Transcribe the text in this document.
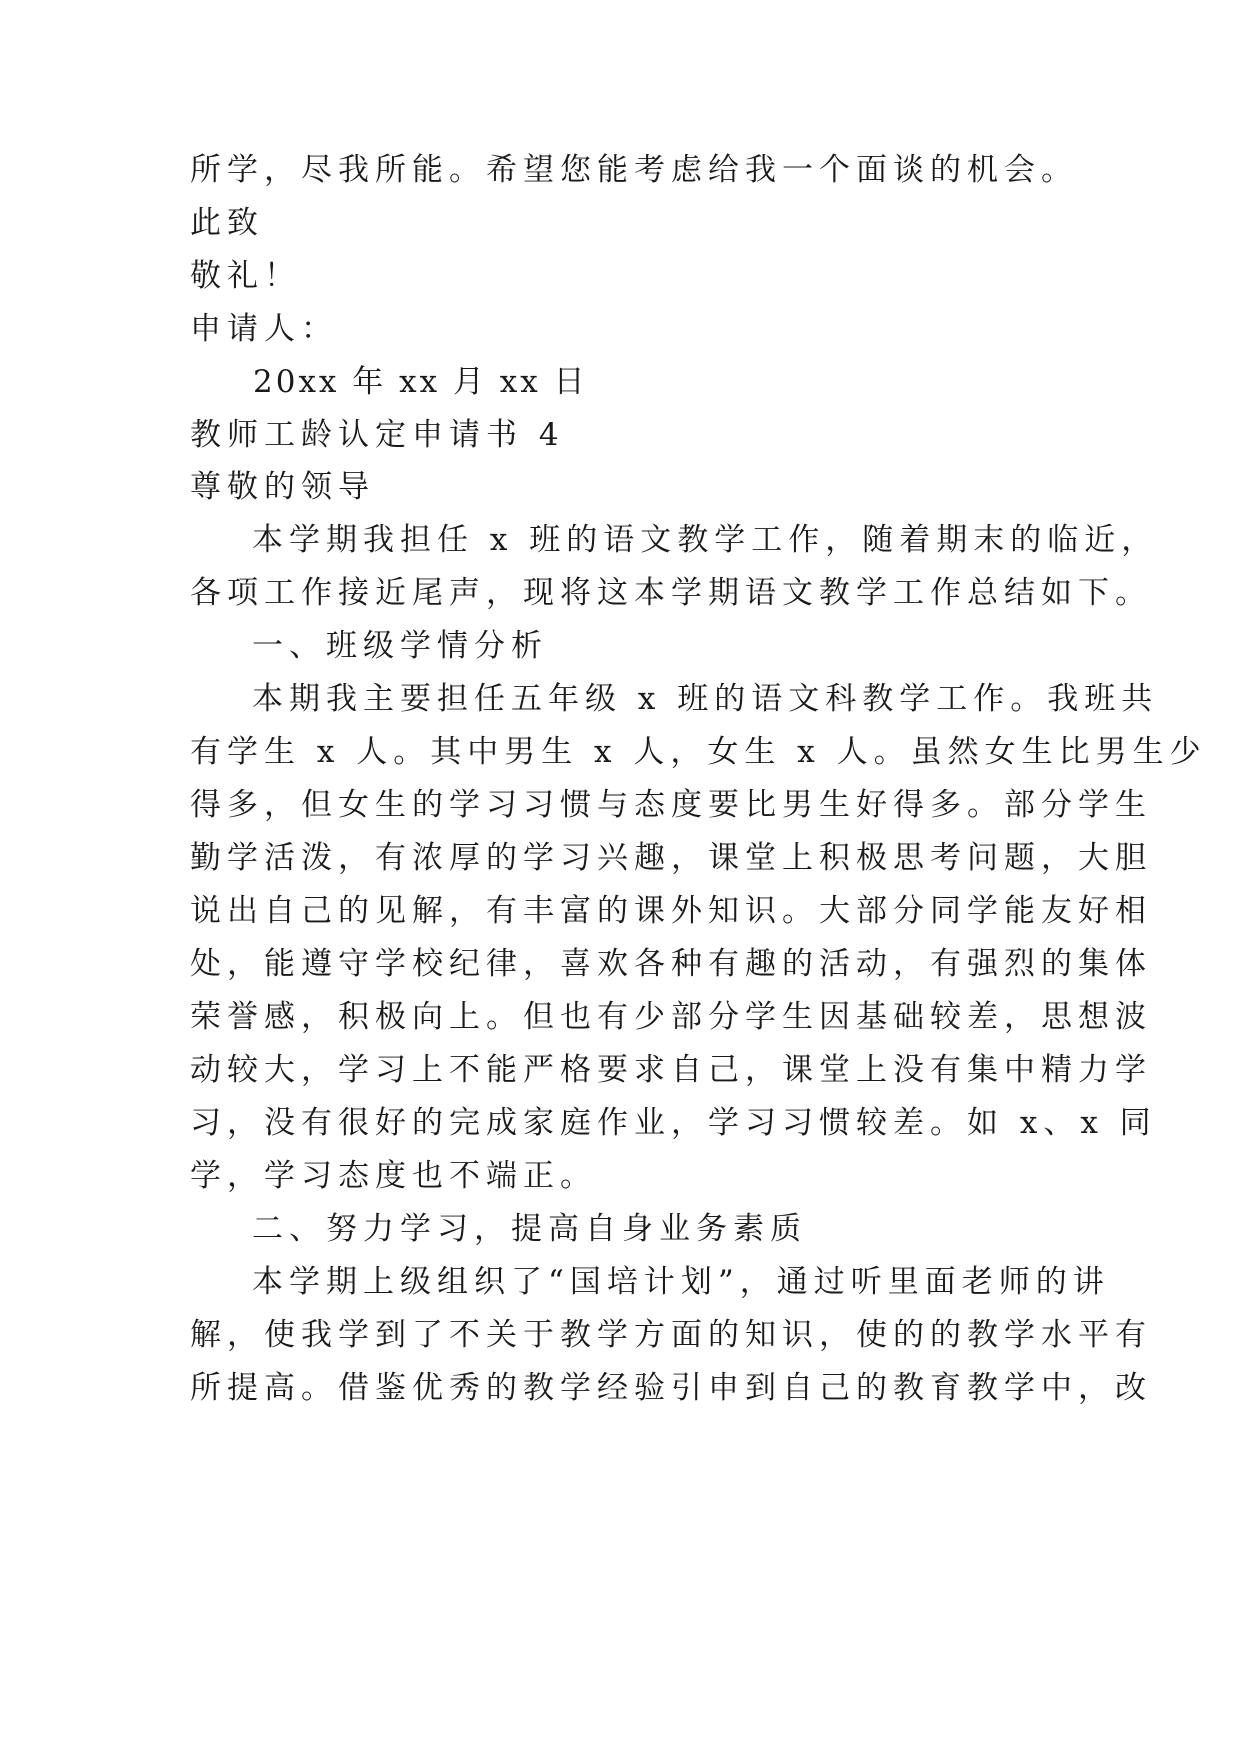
所学，尽我所能。希望您能考虑给我一个面谈的机会。
此致
敬礼！
申请人：
20xx 年 xx 月 xx 日
教师工龄认定申请书 4
尊敬的领导
本学期我担任 x 班的语文教学工作，随着期末的临近，
各项工作接近尾声，现将这本学期语文教学工作总结如下。
一、班级学情分析
本期我主要担任五年级 x 班的语文科教学工作。我班共
有学生 x 人。其中男生 x 人，女生 x 人。虽然女生比男生少
得多，但女生的学习习惯与态度要比男生好得多。部分学生
勤学活泼，有浓厚的学习兴趣，课堂上积极思考问题，大胆
说出自己的见解，有丰富的课外知识。大部分同学能友好相
处，能遵守学校纪律，喜欢各种有趣的活动，有强烈的集体
荣誉感，积极向上。但也有少部分学生因基础较差，思想波
动较大，学习上不能严格要求自己，课堂上没有集中精力学
习，没有很好的完成家庭作业，学习习惯较差。如 x、x 同
学，学习态度也不端正。
二、努力学习，提高自身业务素质
本学期上级组织了“国培计划”，通过听里面老师的讲
解，使我学到了不关于教学方面的知识，使的的教学水平有
所提高。借鉴优秀的教学经验引申到自己的教育教学中，改
